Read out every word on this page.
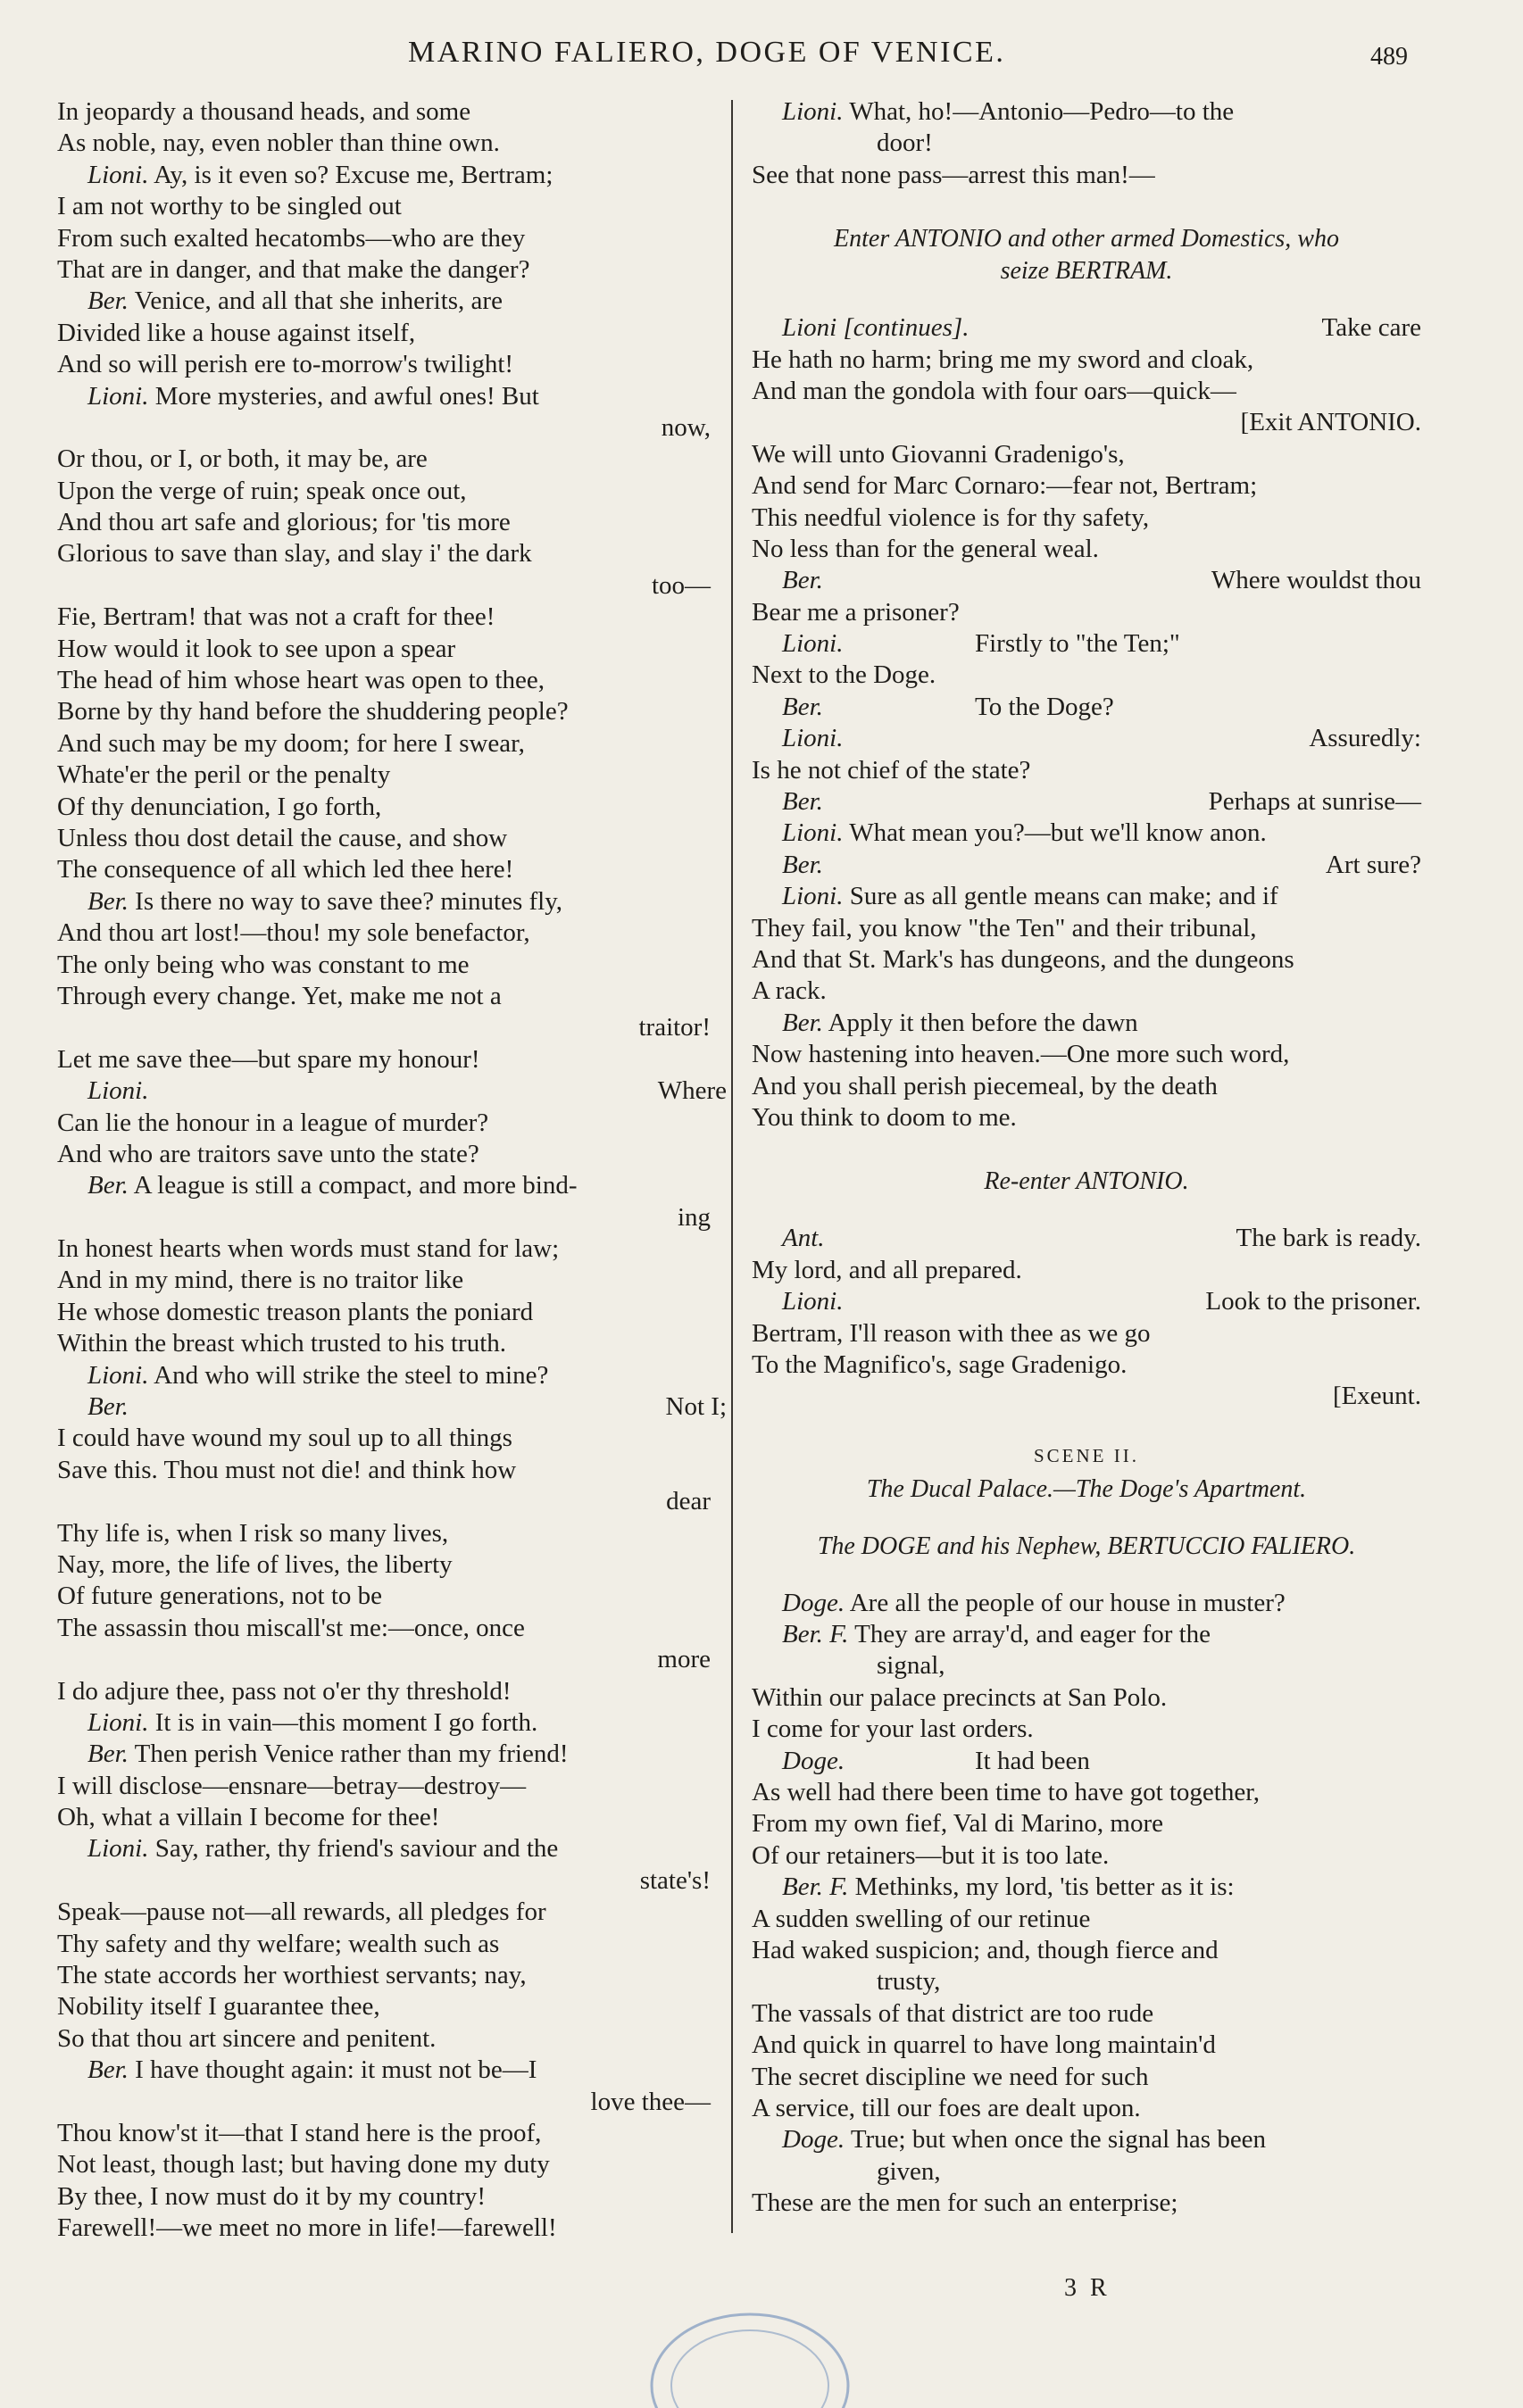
MARINO FALIERO, DOGE OF VENICE.	489
In jeopardy a thousand heads, and some
As noble, nay, even nobler than thine own.
Lioni. Ay, is it even so? Excuse me, Bertram;
I am not worthy to be singled out
From such exalted hecatombs—who are they
That are in danger, and that make the danger?
Ber. Venice, and all that she inherits, are
Divided like a house against itself,
And so will perish ere to-morrow's twilight!
Lioni. More mysteries, and awful ones! But
now,
Or thou, or I, or both, it may be, are
Upon the verge of ruin; speak once out,
And thou art safe and glorious; for 'tis more
Glorious to save than slay, and slay i' the dark
too—
Fie, Bertram! that was not a craft for thee!
How would it look to see upon a spear
The head of him whose heart was open to thee,
Borne by thy hand before the shuddering people?
And such may be my doom; for here I swear,
Whate'er the peril or the penalty
Of thy denunciation, I go forth,
Unless thou dost detail the cause, and show
The consequence of all which led thee here!
Ber. Is there no way to save thee? minutes fly,
And thou art lost!—thou! my sole benefactor,
The only being who was constant to me
Through every change. Yet, make me not a
traitor!
Let me save thee—but spare my honour!
Lioni.	Where
Can lie the honour in a league of murder?
And who are traitors save unto the state?
Ber. A league is still a compact, and more bind-
ing
In honest hearts when words must stand for law;
And in my mind, there is no traitor like
He whose domestic treason plants the poniard
Within the breast which trusted to his truth.
Lioni. And who will strike the steel to mine?
Ber.	Not I;
I could have wound my soul up to all things
Save this. Thou must not die! and think how
dear
Thy life is, when I risk so many lives,
Nay, more, the life of lives, the liberty
Of future generations, not to be
The assassin thou miscall'st me:—once, once
more
I do adjure thee, pass not o'er thy threshold!
Lioni. It is in vain—this moment I go forth.
Ber. Then perish Venice rather than my friend!
I will disclose—ensnare—betray—destroy—
Oh, what a villain I become for thee!
Lioni. Say, rather, thy friend's saviour and the
state's!
Speak—pause not—all rewards, all pledges for
Thy safety and thy welfare; wealth such as
The state accords her worthiest servants; nay,
Nobility itself I guarantee thee,
So that thou art sincere and penitent.
Ber. I have thought again: it must not be—I
love thee—
Thou know'st it—that I stand here is the proof,
Not least, though last; but having done my duty
By thee, I now must do it by my country!
Farewell!—we meet no more in life!—farewell!
Lioni. What, ho!—Antonio—Pedro—to the
door!
See that none pass—arrest this man!—
Enter ANTONIO and other armed Domestics, who
seize BERTRAM.
Lioni [continues].	Take care
He hath no harm; bring me my sword and cloak,
And man the gondola with four oars—quick—
[Exit ANTONIO.
We will unto Giovanni Gradenigo's,
And send for Marc Cornaro:—fear not, Bertram;
This needful violence is for thy safety,
No less than for the general weal.
Ber.	Where wouldst thou
Bear me a prisoner?
Lioni.	Firstly to "the Ten;"
Next to the Doge.
Ber.	To the Doge?
Lioni.	Assuredly:
Is he not chief of the state?
Ber.	Perhaps at sunrise—
Lioni. What mean you?—but we'll know anon.
Ber.	Art sure?
Lioni. Sure as all gentle means can make; and if
They fail, you know "the Ten" and their tribunal,
And that St. Mark's has dungeons, and the dungeons
A rack.
Ber. Apply it then before the dawn
Now hastening into heaven.—One more such word,
And you shall perish piecemeal, by the death
You think to doom to me.
Re-enter ANTONIO.
Ant.	The bark is ready.
My lord, and all prepared.
Lioni.	Look to the prisoner.
Bertram, I'll reason with thee as we go
To the Magnifico's, sage Gradenigo.
[Exeunt.
SCENE II.
The Ducal Palace.—The Doge's Apartment.
The DOGE and his Nephew, BERTUCCIO FALIERO.
Doge. Are all the people of our house in muster?
Ber. F. They are array'd, and eager for the
signal,
Within our palace precincts at San Polo.
I come for your last orders.
Doge.	It had been
As well had there been time to have got together,
From my own fief, Val di Marino, more
Of our retainers—but it is too late.
Ber. F. Methinks, my lord, 'tis better as it is:
A sudden swelling of our retinue
Had waked suspicion; and, though fierce and
trusty,
The vassals of that district are too rude
And quick in quarrel to have long maintain'd
The secret discipline we need for such
A service, till our foes are dealt upon.
Doge. True; but when once the signal has been
given,
These are the men for such an enterprise;
3 R
